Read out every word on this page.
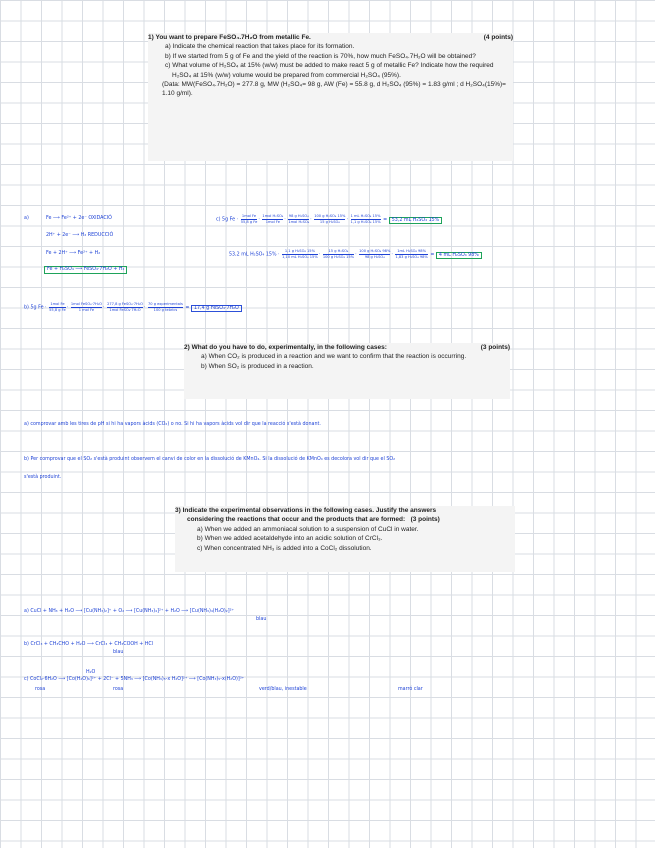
1) You want to prepare FeSO₄.7H₂O from metallic Fe.	(4 points)

a) Indicate the chemical reaction that takes place for its formation.

b) If we started from 5 g of Fe and the yield of the reaction is 70%, how much FeSO₄.7H₂O will be obtained?

c) What volume of H₂SO₄ at 15% (w/w) must be added to make react 5 g of metallic Fe? Indicate how the required H₂SO₄ at 15% (w/w) volume would be prepared from commercial H₂SO₄ (95%).

(Data: MW(FeSO₄.7H₂O) = 277.8 g, MW (H₂SO₄= 98 g, AW (Fe) = 55.8 g, d H₂SO₄ (95%) = 1.83 g/ml ; d H₂SO₄(15%)= 1.10 g/ml).

a)	Fe ⟶ Fe²⁺ + 2e⁻ OXIDACIÓ
2H⁺ + 2e⁻ ⟶ H₂ REDUCCIÓ
Fe + 2H⁺ ⟶ Fe²⁺ + H₂
Fe + H₂SO₄ ⟶ FeSO₄·7H₂O + H₂
b) 5g $Fe \cdot \frac{\text{1mol Fe}}{\text{55,8 g Fe}} \cdot \frac{\text{1mol FeSO₄·7H₂O}}{\text{1 mol Fe}} \cdot \frac{\text{277,8 g FeSO₄·7H₂O}}{\text{1mol FeSO₄·7H₂O}} \cdot \frac{\text{70 g experimentals}}{\text{100 g teòrics}} = 17,4$ g FeSO₄·7H₂O
c) 5g $Fe \cdot \frac{\text{1mol Fe}}{\text{55,8 g Fe}} \cdot \frac{\text{1mol H₂SO₄}}{\text{1mol Fe}} \cdot \frac{\text{98 g H₂SO₄}}{\text{1mol H₂SO₄}} \cdot \frac{\text{100 g H₂SO₄ 15\%}}{\text{15 g H₂SO₄}} \cdot \frac{\text{1 mL H₂SO₄ 15\%}}{\text{1,1 g H₂SO₄ 15\%}} = 53,2$ mL H₂SO₄ 15%
53,2 mL H₂SO₄ $15\% \cdot \frac{\text{1,1 g H₂SO₄ 15\%}}{\text{1,10 mL H₂SO₄ 15\%}} \cdot \frac{\text{15 g H₂SO₄}}{\text{100 g H₂SO₄ 15\%}} \cdot \frac{\text{100 g H₂SO₄ 98\%}}{\text{98 g H₂SO₄}} \cdot \frac{\text{1mL H₂SO₄ 98\%}}{\text{1,83 g H₂SO₄ 98\%}} = 4$ mL H₂SO₄ 98%
2) What do you have to do, experimentally, in the following cases:	(3 points)

a) When CO₂ is produced in a reaction and we want to confirm that the reaction is occurring.

b) When SO₂ is produced in a reaction.

a) comprovar amb les tires de pH si hi ha vapors àcids (CO₂) o no. Si hi ha vapors àcids vol dir que la reacció s'està donant.
b) Per comprovar que el SO₂ s'està produint observem el canvi de color en la dissolució de KMnO₄. Si la dissolució de KMnO₄ es decolora vol dir que el SO₂
s'està produint.

3) Indicate the experimental observations in the following cases. Justify the answers

considering the reactions that occur and the products that are formed: (3 points)

a) When we added an ammoniacal solution to a suspension of CuCl in water.

b) When we added acetaldehyde into an acidic solution of CrCl₃.

c) When concentrated NH₃ is added into a CoCl₂ dissolution.

a) CuCl + NH₃ + H₂O ⟶ [Cu(NH₃)₂]⁺ + O₂ ⟶ [Cu(NH₃)₄]²⁺ + H₂O ⟶ [Cu(NH₃)₄(H₂O)₂]²⁺
blau
b) CrCl₃ + CH₃CHO + H₂O ⟶ CrCl₃ + CH₃COOH + HCl
blau
H₂O
c) CoCl₂·6H₂O ⟶ [Co(H₂O)₆]²⁺ + 2Cl⁻ + 5NH₃ ⟶ [Co(NH₃)₅-x H₂O]²⁺ ⟶ [Co(NH₃)₅-x(H₂O)]³⁺
rosa	rosa	verd/blau, inestable	marró clar
